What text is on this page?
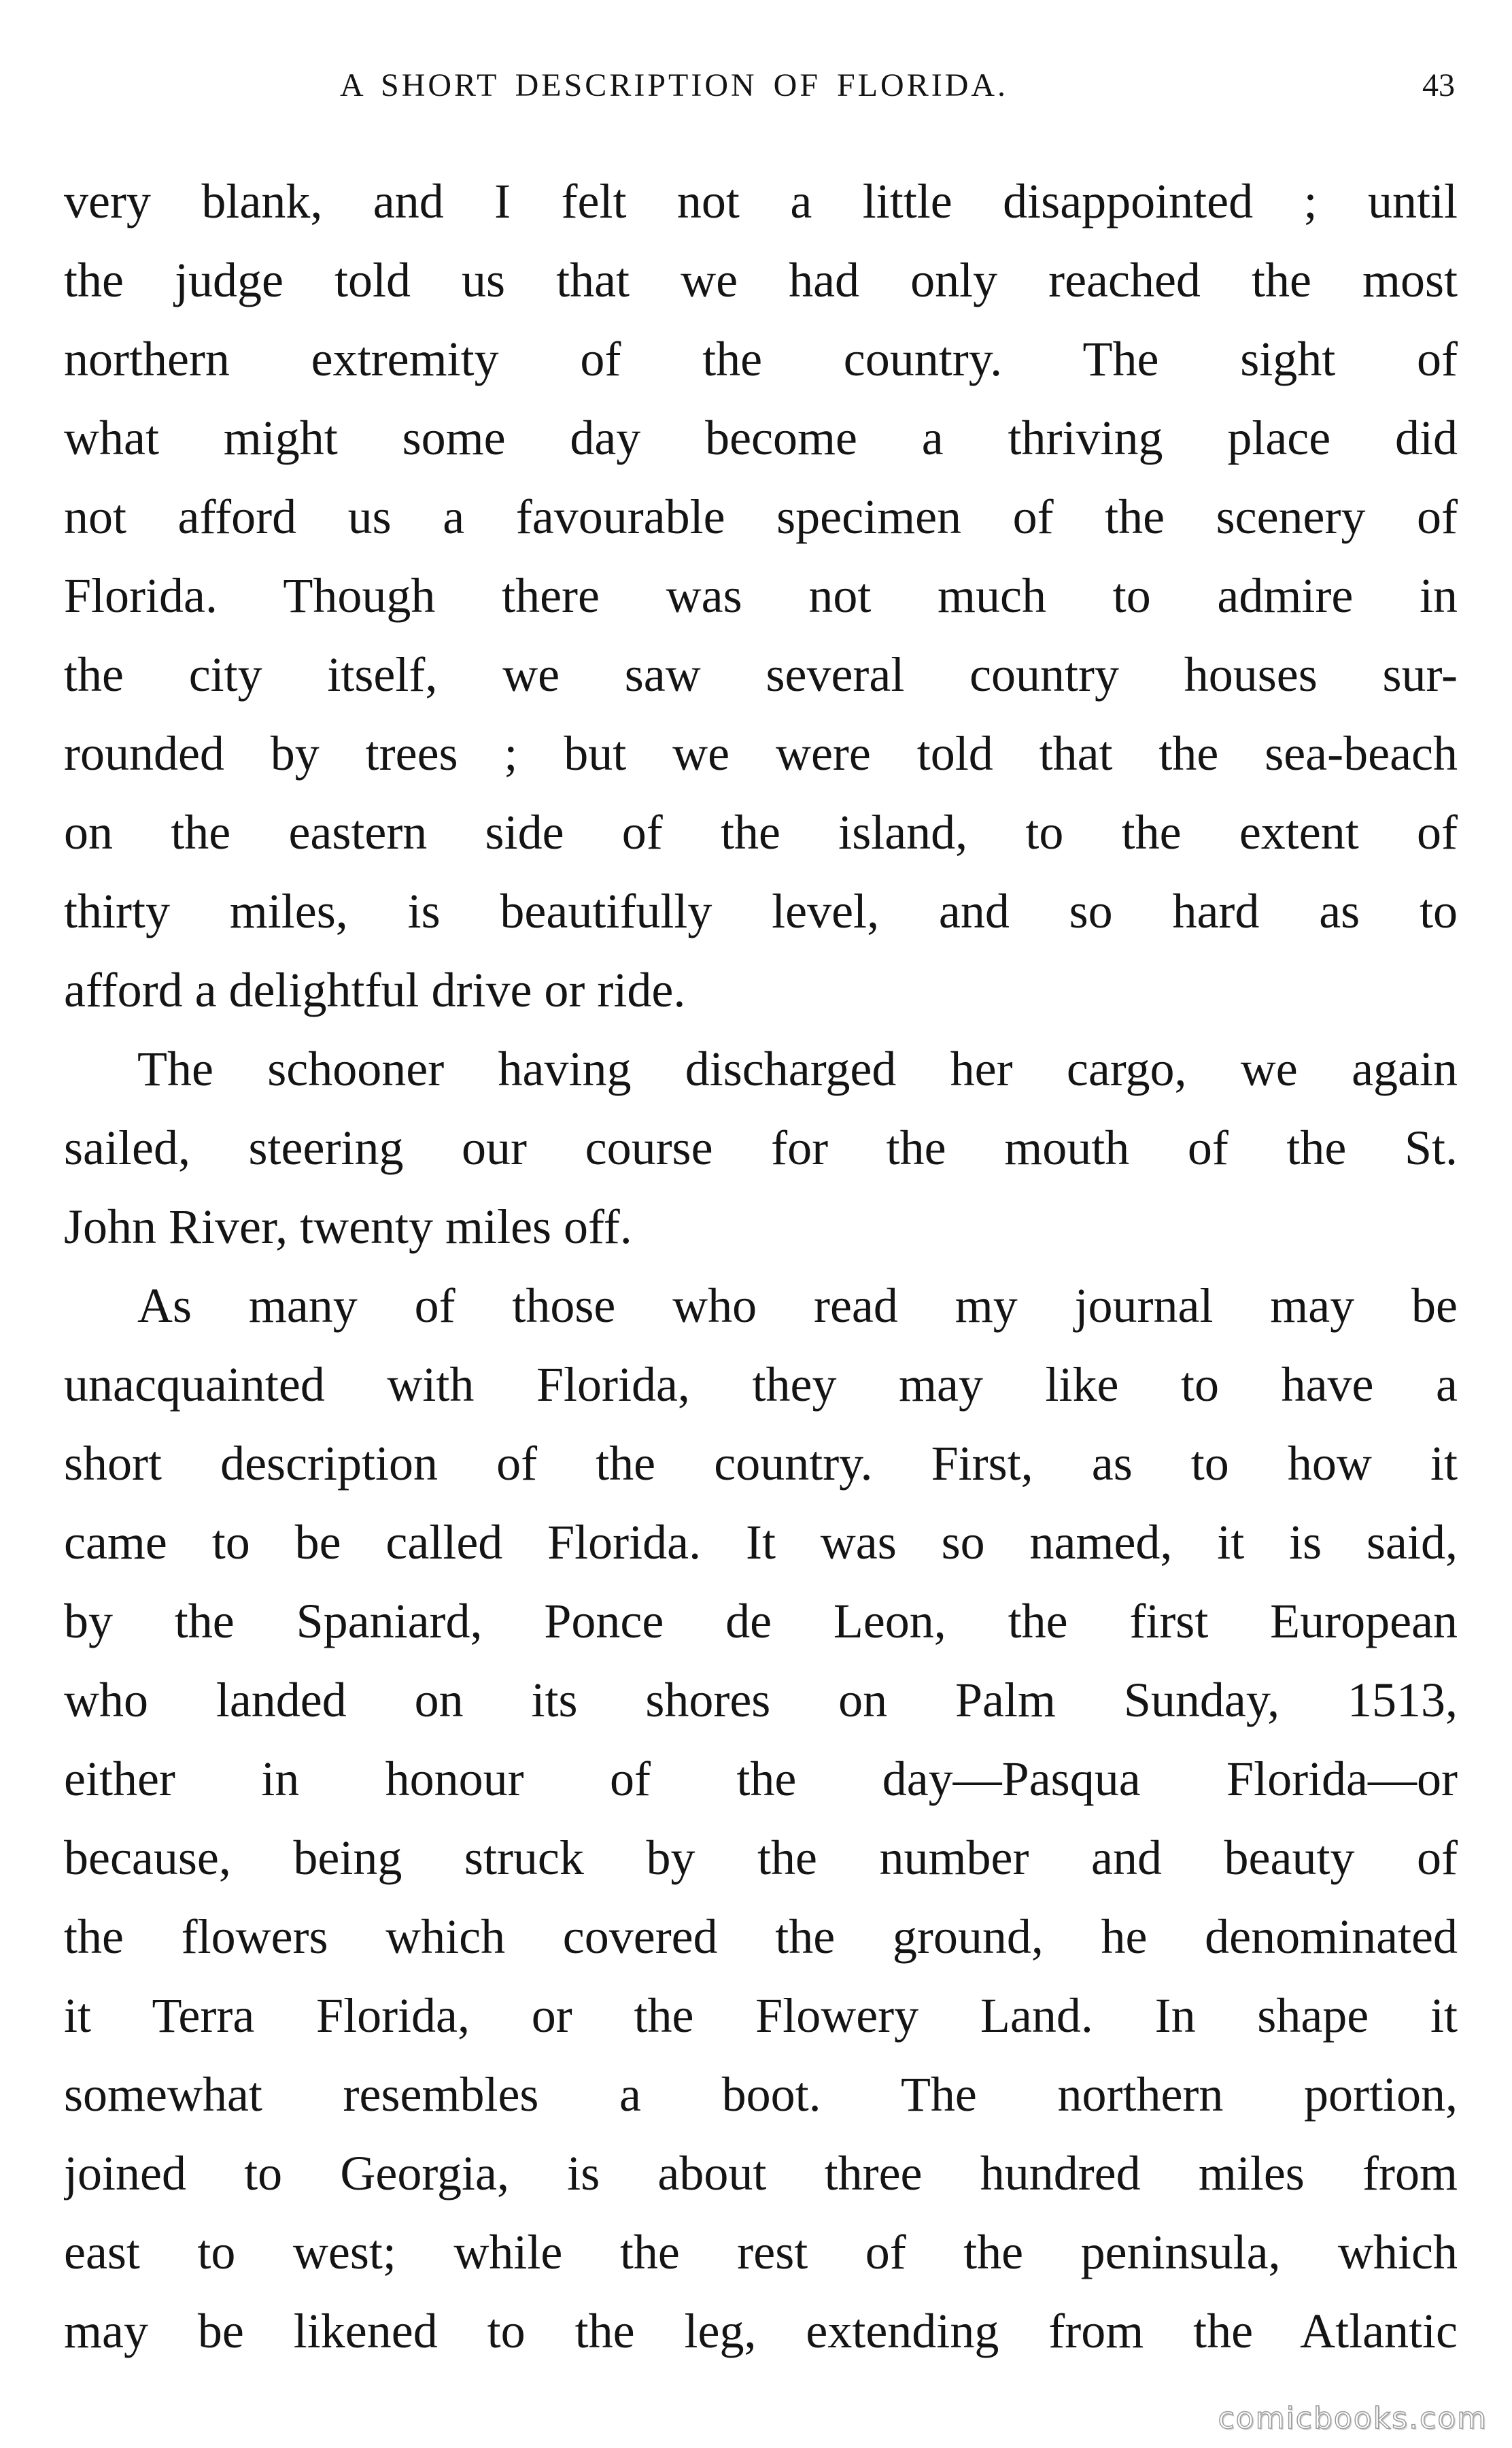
A SHORT DESCRIPTION OF FLORIDA.	43
very blank, and I felt not a little disappointed ; until
the judge told us that we had only reached the most
northern extremity of the country. The sight of
what might some day become a thriving place did
not afford us a favourable specimen of the scenery of
Florida. Though there was not much to admire in
the city itself, we saw several country houses sur-
rounded by trees ; but we were told that the sea-beach
on the eastern side of the island, to the extent of
thirty miles, is beautifully level, and so hard as to
afford a delightful drive or ride.
The schooner having discharged her cargo, we again
sailed, steering our course for the mouth of the St.
John River, twenty miles off.
As many of those who read my journal may be
unacquainted with Florida, they may like to have a
short description of the country. First, as to how it
came to be called Florida. It was so named, it is said,
by the Spaniard, Ponce de Leon, the first European
who landed on its shores on Palm Sunday, 1513,
either in honour of the day—Pasqua Florida—or
because, being struck by the number and beauty of
the flowers which covered the ground, he denominated
it Terra Florida, or the Flowery Land. In shape it
somewhat resembles a boot. The northern portion,
joined to Georgia, is about three hundred miles from
east to west; while the rest of the peninsula, which
may be likened to the leg, extending from the Atlantic
comicbooks.com
